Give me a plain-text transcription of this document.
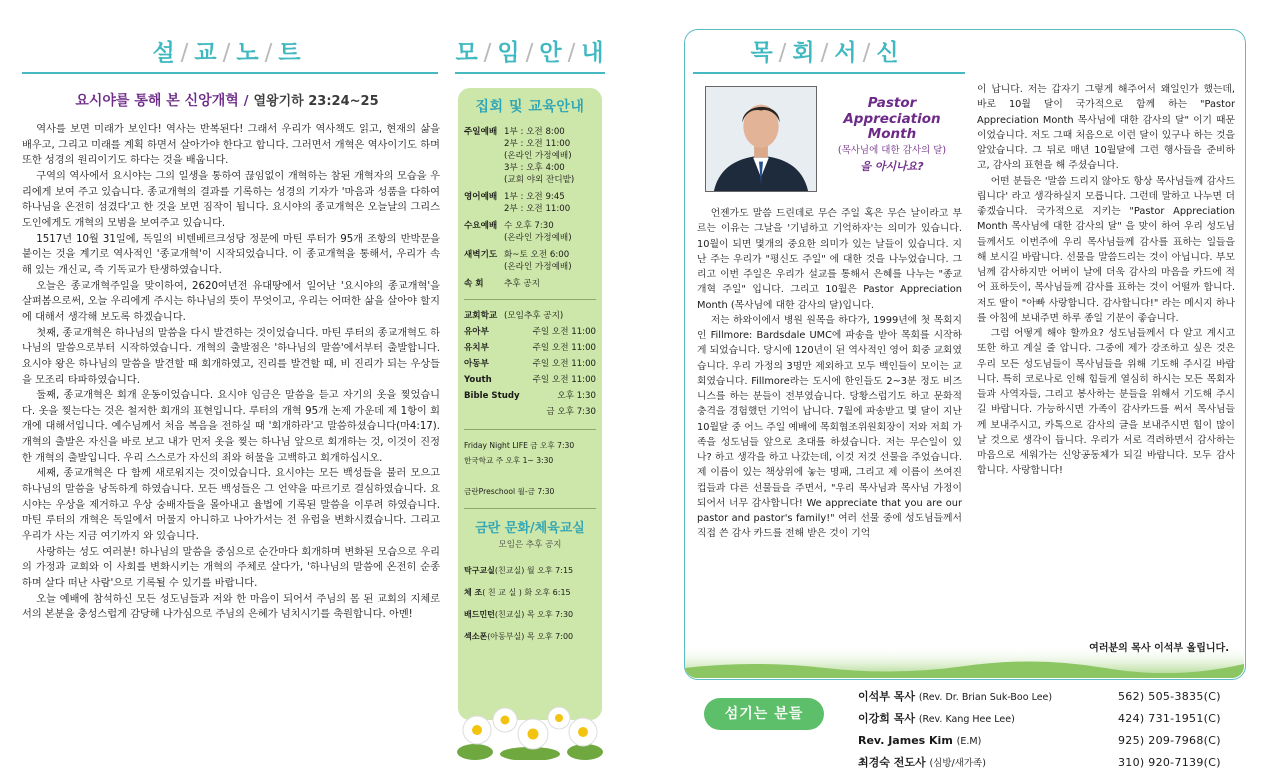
설 / 교 / 노 / 트
요시야를 통해 본 신앙개혁 / 열왕기하 23:24~25

역사를 보면 미래가 보인다! 역사는 반복된다! 그래서 우리가 역사책도 읽고, 현재의 삶을 배우고, 그리고 미래를 계획 하면서 살아가야 한다고 합니다. 그러면서 개혁은 역사이기도 하며 또한 성경의 원리이기도 하다는 것을 배웁니다.

구역의 역사에서 요시야는 그의 일생을 통하여 끊임없이 개혁하는 참된 개혁자의 모습을 우리에게 보여 주고 있습니다. 종교개혁의 결과를 기록하는 성경의 기자가 '마음과 성품을 다하여 하나님을 온전히 섬겼다'고 한 것을 보면 짐작이 됩니다. 요시야의 종교개혁은 오늘날의 그리스도인에게도 개혁의 모범을 보여주고 있습니다.

1517년 10월 31일에, 독일의 비텐베르크성당 정문에 마틴 루터가 95개 조항의 반박문을 붙이는 것을 계기로 역사적인 '종교개혁'이 시작되었습니다. 이 종교개혁을 통해서, 우리가 속해 있는 개신교, 즉 기독교가 탄생하였습니다.

오늘은 종교개혁주일을 맞이하여, 2620여년전 유대땅에서 일어난 '요시야의 종교개혁'을 살펴봄으로써, 오늘 우리에게 주시는 하나님의 뜻이 무엇이고, 우리는 어떠한 삶을 살아야 할지에 대해서 생각해 보도록 하겠습니다.

첫째, 종교개혁은 하나님의 말씀을 다시 발견하는 것이었습니다. 마틴 루터의 종교개혁도 하나님의 말씀으로부터 시작하였습니다. 개혁의 출발점은 '하나님의 말씀'에서부터 출발합니다. 요시야 왕은 하나님의 말씀을 발견할 때 회개하였고, 진리를 발견할 때, 비 진리가 되는 우상들을 모조리 타파하였습니다.

둘째, 종교개혁은 회개 운동이었습니다. 요시야 임금은 말씀을 듣고 자기의 옷을 찢었습니다. 옷을 찢는다는 것은 철저한 회개의 표현입니다. 루터의 개혁 95개 논제 가운데 제 1항이 회개에 대해서입니다. 예수님께서 처음 복음을 전하실 때 '회개하라'고 말씀하셨습니다(마4:17). 개혁의 출발은 자신을 바로 보고 내가 먼저 옷을 찢는 하나님 앞으로 회개하는 것, 이것이 진정한 개혁의 출발입니다. 우리 스스로가 자신의 죄와 허물을 고백하고 회개하십시오.

세째, 종교개혁은 다 함께 새로워지는 것이었습니다. 요시야는 모든 백성들을 불러 모으고 하나님의 말씀을 낭독하게 하였습니다. 모든 백성들은 그 언약을 따르기로 결심하였습니다. 요시야는 우상을 제거하고 우상 숭배자들을 몰아내고 율법에 기록된 말씀을 이루려 하였습니다. 마틴 루터의 개혁은 독일에서 머물지 아니하고 나아가서는 전 유럽을 변화시켰습니다. 그리고 우리가 사는 지금 여기까지 와 있습니다.

사랑하는 성도 여러분! 하나님의 말씀을 중심으로 순간마다 회개하며 변화된 모습으로 우리의 가정과 교회와 이 사회를 변화시키는 개혁의 주체로 살다가, '하나님의 말씀에 온전히 순종하며 살다 떠난 사람'으로 기록될 수 있기를 바랍니다.

오늘 예배에 참석하신 모든 성도님들과 저와 한 마음이 되어서 주님의 몸 된 교회의 지체로서의 본분을 충성스럽게 감당해 나가심으로 주님의 은혜가 넘치시기를 축원합니다. 아멘!

모 / 임 / 안 / 내
집회 및 교육안내
주일예배 1부 : 오전 8:00
2부 : 오전 11:00
(온라인 가정예배)
3부 : 오후 4:00
(교회 야외 잔디밭)
영어예배 1부 : 오전 9:45
2부 : 오전 11:00
수요예배 수 오후 7:30
(온라인 가정예배)
새벽기도 화~토 오전 6:00
(온라인 가정예배)
속 회	추후 공지
교회학교 (모임추후 공지)
유아부	주일 오전 11:00
유치부	주일 오전 11:00
아동부	주일 오전 11:00
Youth	주일 오전 11:00
Bible Study	오후 1:30
금 오후 7:30
Friday Night LIFE 금 오후 7:30
한국학교 주 오후 1~ 3:30
금란Preschool 월-금 7:30
금란 문화/체육교실
모임은 추후 공지
탁구교실(친교실) 월 오후 7:15
체 조( 친 교 실 ) 화 오후 6:15
배드민턴(친교실) 목 오후 7:30
섹소폰(아동부실) 목 오후 7:00
목 / 회 / 서 / 신
Pastor
Appreciation
Month
(목사님에 대한 감사의 달)
을 아시나요?

언젠가도 말씀 드린데로 무슨 주일 혹은 무슨 날이라고 부르는 이유는 그날을 '기념하고 기억하자'는 의미가 있습니다. 10월이 되면 몇개의 중요한 의미가 있는 날들이 있습니다. 지난 주는 우리가 "평신도 주일" 에 대한 것을 나누었습니다. 그리고 이번 주일은 우리가 설교를 통해서 은혜를 나누는 "종교개혁 주일" 입니다. 그리고 10월은 Pastor Appreciation Month (목사님에 대한 감사의 달)입니다.

저는 하와이에서 병원 원목을 하다가, 1999년에 첫 목회지인 Fillmore: Bardsdale UMC에 파송을 받아 목회를 시작하게 되었습니다. 당시에 120년이 된 역사적인 영어 회중 교회였습니다. 우리 가정의 3명만 제외하고 모두 백인들이 모이는 교회였습니다. Fillmore라는 도시에 한인들도 2~3분 정도 비즈니스를 하는 분들이 전부였습니다. 당황스럽기도 하고 문화적 충격을 경험했던 기억이 납니다. 7월에 파송받고 몇 달이 지난 10월달 중 어느 주일 예배에 목회협조위원회장이 저와 저희 가족을 성도님들 앞으로 초대를 하셨습니다. 저는 무슨일이 있나? 하고 생각을 하고 나갔는데, 이것 저것 선물을 주었습니다. 제 이름이 있는 책상위에 놓는 명패, 그리고 제 이름이 쓰여진 컵들과 다른 선물들을 주면서, "우리 목사님과 목사님 가정이 되어서 너무 감사합니다! We appreciate that you are our pastor and pastor's family!" 여러 선물 중에 성도님들께서 직접 쓴 감사 카드를 전해 받은 것이 기억

이 납니다. 저는 갑자기 그렇게 해주어서 왜일인가 했는데, 바로 10월 달이 국가적으로 함께 하는 "Pastor Appreciation Month 목사님에 대한 감사의 달" 이기 때문이었습니다. 저도 그때 처음으로 이런 달이 있구나 하는 것을 알았습니다. 그 뒤로 매년 10월달에 그런 행사들을 준비하고, 감사의 표현을 해 주셨습니다.

어떤 분들은 '말씀 드리지 않아도 항상 목사님들께 감사드립니다' 라고 생각하실지 모릅니다. 그런데 말하고 나누면 더 좋겠습니다. 국가적으로 지키는 "Pastor Appreciation Month 목사님에 대한 감사의 달" 을 맞이 하여 우리 성도님들께서도 이번주에 우리 목사님들께 감사를 표하는 일들을 해 보시길 바랍니다. 선물을 말씀드리는 것이 아닙니다. 부모님께 감사하지만 어버이 날에 더욱 감사의 마음을 카드에 적어 표하듯이, 목사님들께 감사를 표하는 것이 어떨까 합니다. 저도 딸이 "아빠 사랑합니다. 감사합니다!" 라는 메시지 하나를 아침에 보내주면 하루 종일 기분이 좋습니다.

그럼 어떻게 해야 할까요? 성도님들께서 다 알고 계시고 또한 하고 계실 줄 압니다. 그중에 제가 강조하고 싶은 것은 우리 모든 성도님들이 목사님들을 위해 기도해 주시길 바랍니다. 특히 코로나로 인해 힘들게 열심히 하시는 모든 목회자들과 사역자들, 그리고 봉사하는 분들을 위해서 기도해 주시길 바랍니다. 가능하시면 가족이 감사카드를 써서 목사님들께 보내주시고, 카톡으로 감사의 글을 보내주시면 힘이 많이 날 것으로 생각이 듭니다. 우리가 서로 격려하면서 감사하는 마음으로 세워가는 신앙공동체가 되길 바랍니다. 모두 감사합니다. 사랑합니다!

여러분의 목사 이석부 올립니다.
섬기는 분들
이석부 목사 (Rev. Dr. Brian Suk-Boo Lee)	562) 505-3835(C)
이강희 목사 (Rev. Kang Hee Lee)	424) 731-1951(C)
Rev. James Kim (E.M)	925) 209-7968(C)
최경숙 전도사 (심방/새가족)	310) 920-7139(C)
